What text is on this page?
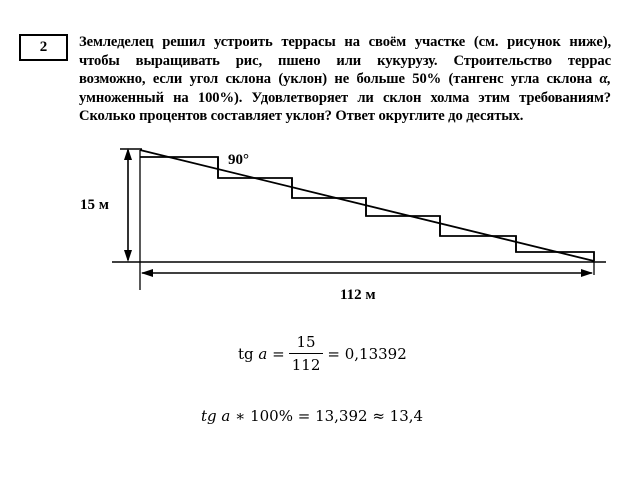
2	Земледелец решил устроить террасы на своём участке (см. рисунок ниже),
чтобы выращивать рис, пшено или кукурузу. Строительство террас
возможно, если угол склона (уклон) не больше 50% (тангенс угла склона α,
умноженный на 100%). Удовлетворяет ли склон холма этим требованиям?
Сколько процентов составляет уклон? Ответ округлите до десятых.
90°
15 м
112 м
tg
a
= $\frac{15}{112} = 0,13392$
tg a
∗ 100% = 13,392 ≈ 13,4
